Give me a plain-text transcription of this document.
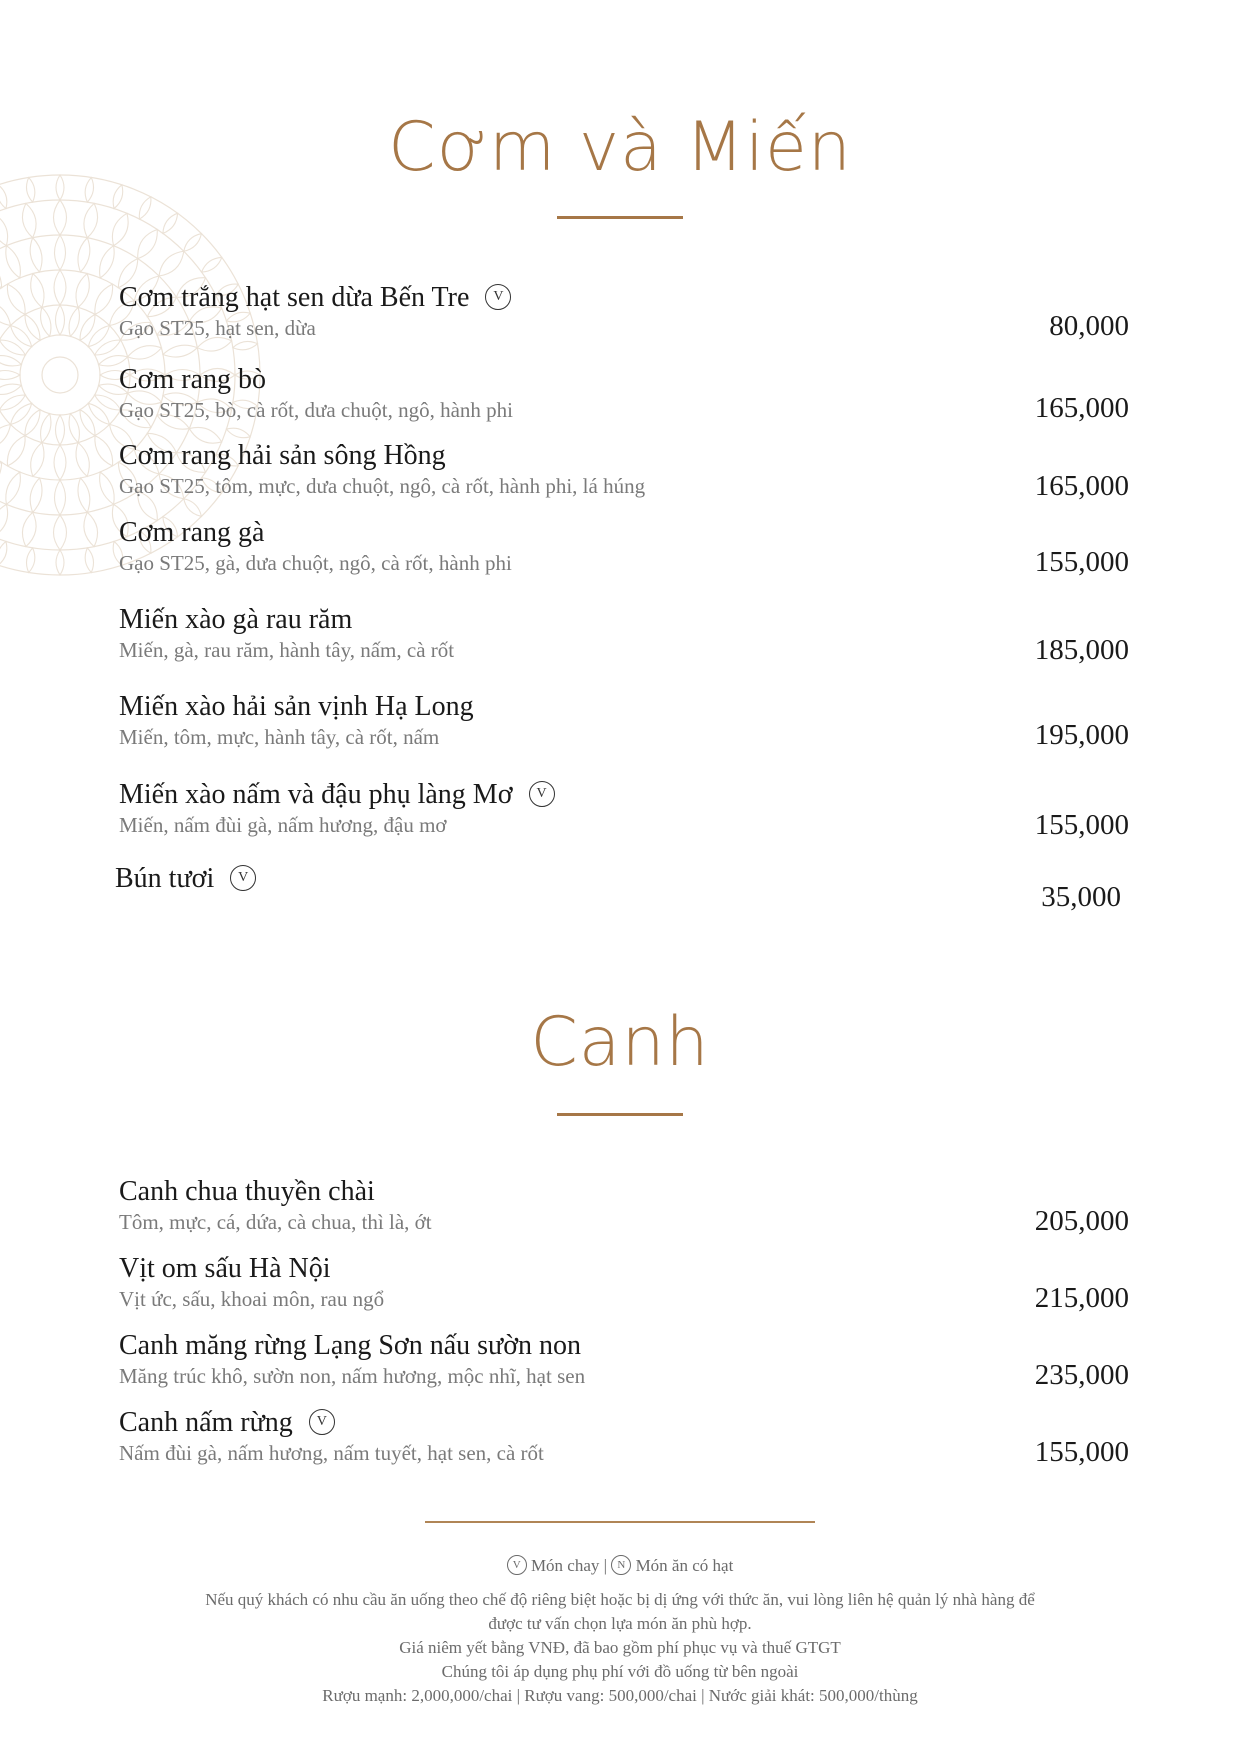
Cơm và Miến
Cơm trắng hạt sen dừa Bến Tre V
Gạo ST25, hạt sen, dừa	80,000
Cơm rang bò
Gạo ST25, bò, cà rốt, dưa chuột, ngô, hành phi	165,000
Cơm rang hải sản sông Hồng
Gạo ST25, tôm, mực, dưa chuột, ngô, cà rốt, hành phi, lá húng	165,000
Cơm rang gà
Gạo ST25, gà, dưa chuột, ngô, cà rốt, hành phi	155,000
Miến xào gà rau răm
Miến, gà, rau răm, hành tây, nấm, cà rốt	185,000
Miến xào hải sản vịnh Hạ Long
Miến, tôm, mực, hành tây, cà rốt, nấm	195,000
Miến xào nấm và đậu phụ làng Mơ V
Miến, nấm đùi gà, nấm hương, đậu mơ	155,000
Bún tươi V
35,000
Canh
Canh chua thuyền chài
Tôm, mực, cá, dứa, cà chua, thì là, ớt	205,000
Vịt om sấu Hà Nội
Vịt ức, sấu, khoai môn, rau ngổ	215,000
Canh măng rừng Lạng Sơn nấu sườn non
Măng trúc khô, sườn non, nấm hương, mộc nhĩ, hạt sen	235,000
Canh nấm rừng V
Nấm đùi gà, nấm hương, nấm tuyết, hạt sen, cà rốt	155,000
V Món chay | N Món ăn có hạt
Nếu quý khách có nhu cầu ăn uống theo chế độ riêng biệt hoặc bị dị ứng với thức ăn, vui lòng liên hệ quản lý nhà hàng để được tư vấn chọn lựa món ăn phù hợp.
Giá niêm yết bằng VNĐ, đã bao gồm phí phục vụ và thuế GTGT
Chúng tôi áp dụng phụ phí với đồ uống từ bên ngoài
Rượu mạnh: 2,000,000/chai | Rượu vang: 500,000/chai | Nước giải khát: 500,000/thùng
